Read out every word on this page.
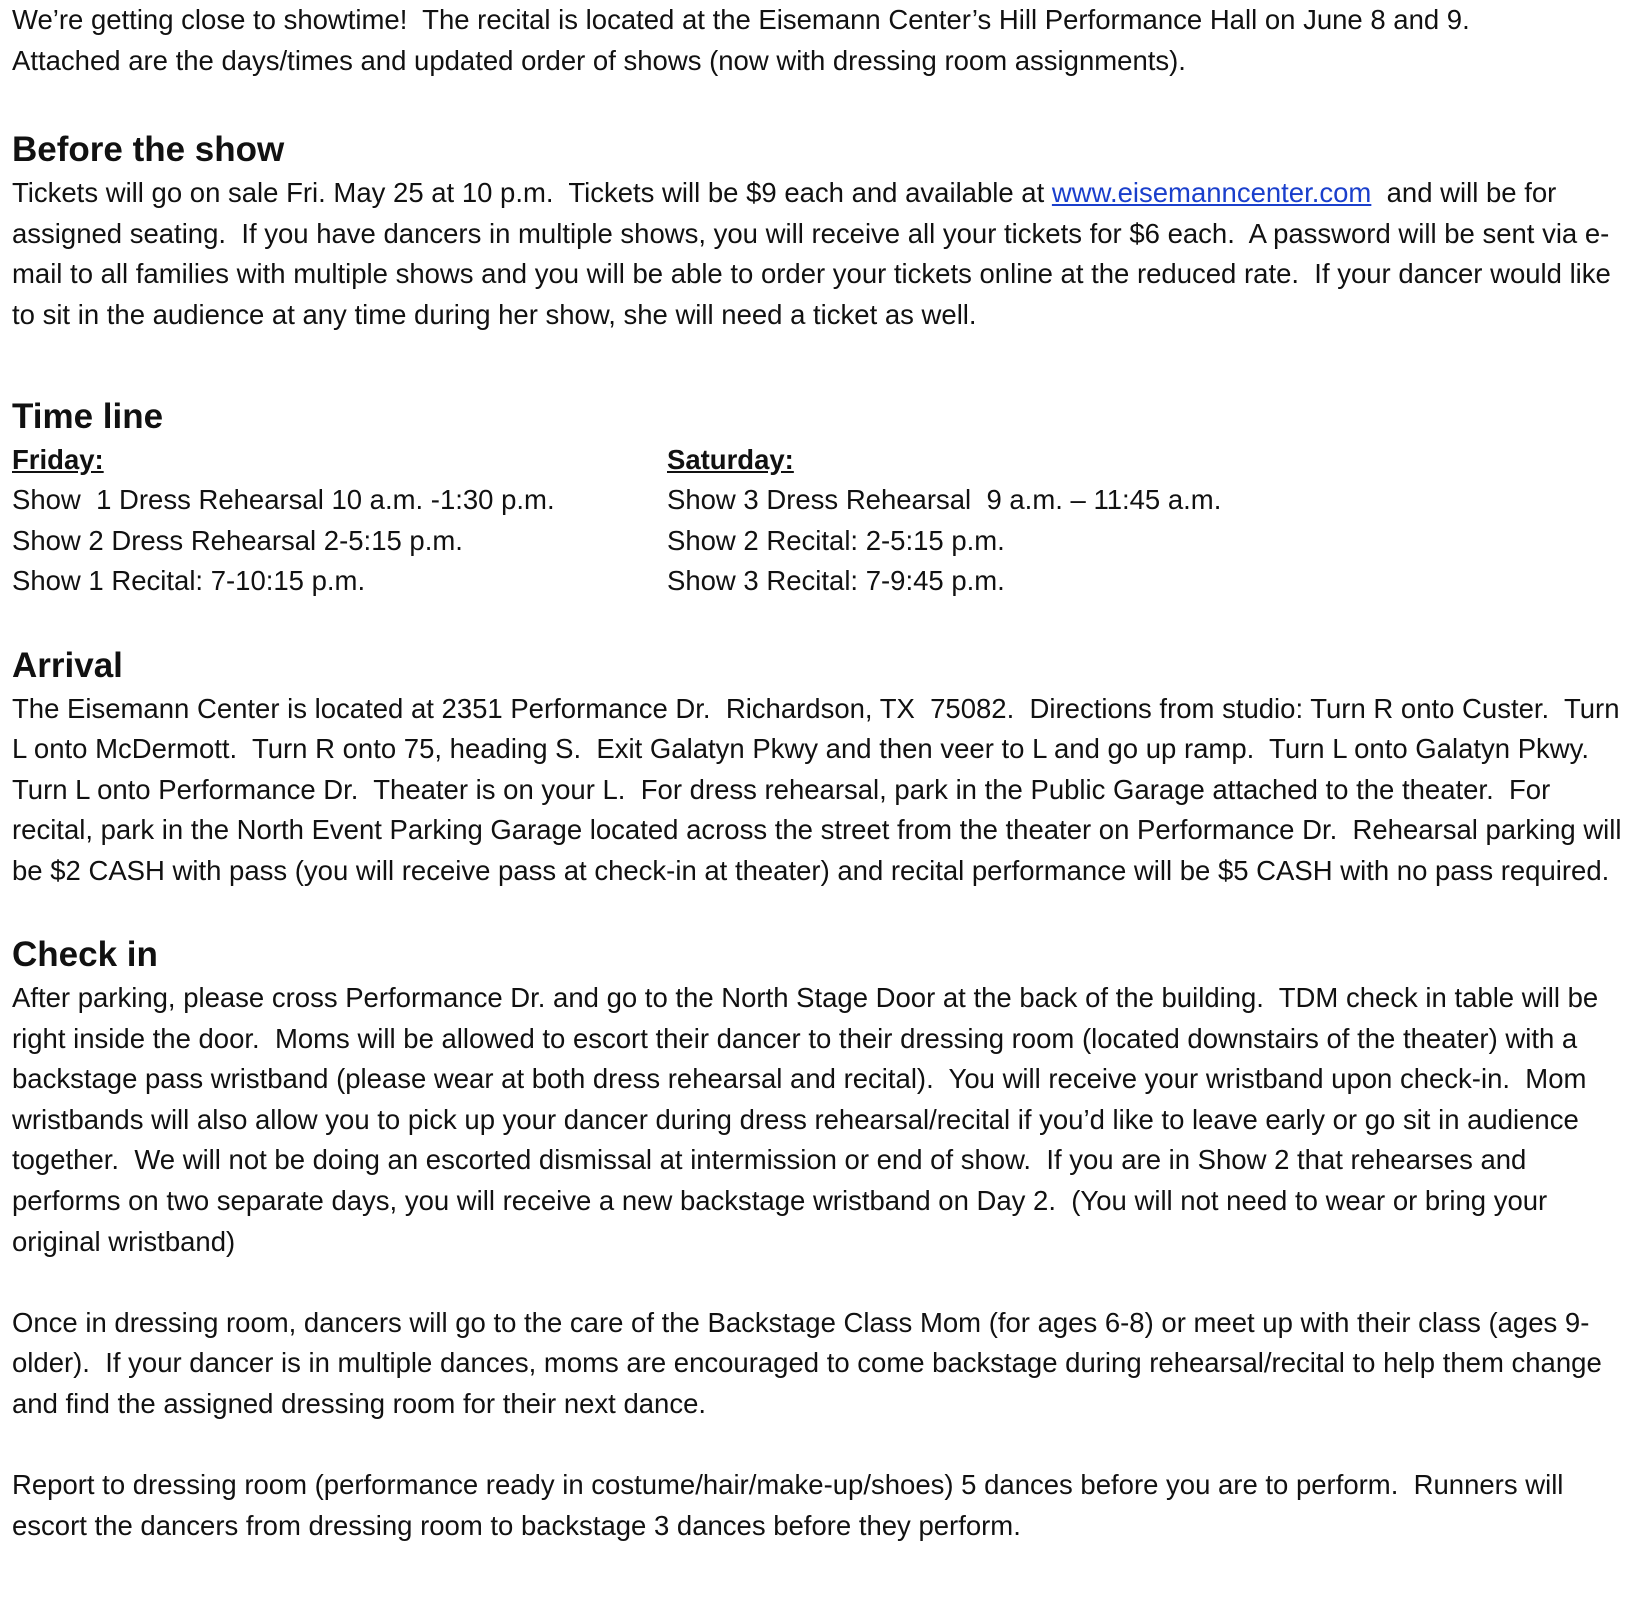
We’re getting close to showtime!  The recital is located at the Eisemann Center’s Hill Performance Hall on June 8 and 9.

Attached are the days/times and updated order of shows (now with dressing room assignments).

Before the show

Tickets will go on sale Fri. May 25 at 10 p.m.  Tickets will be $9 each and available at www.eisemanncenter.com  and will be for assigned seating.  If you have dancers in multiple shows, you will receive all your tickets for $6 each.  A password will be sent via e-mail to all families with multiple shows and you will be able to order your tickets online at the reduced rate.  If your dancer would like to sit in the audience at any time during her show, she will need a ticket as well.

Time line

Friday:

Show  1 Dress Rehearsal 10 a.m. -1:30 p.m.

Show 2 Dress Rehearsal 2-5:15 p.m.

Show 1 Recital: 7-10:15 p.m.

Saturday:

Show 3 Dress Rehearsal  9 a.m. – 11:45 a.m.

Show 2 Recital: 2-5:15 p.m.

Show 3 Recital: 7-9:45 p.m.

Arrival

The Eisemann Center is located at 2351 Performance Dr.  Richardson, TX  75082.  Directions from studio: Turn R onto Custer.  Turn L onto McDermott.  Turn R onto 75, heading S.  Exit Galatyn Pkwy and then veer to L and go up ramp.  Turn L onto Galatyn Pkwy.  Turn L onto Performance Dr.  Theater is on your L.  For dress rehearsal, park in the Public Garage attached to the theater.  For recital, park in the North Event Parking Garage located across the street from the theater on Performance Dr.  Rehearsal parking will be $2 CASH with pass (you will receive pass at check-in at theater) and recital performance will be $5 CASH with no pass required.

Check in

After parking, please cross Performance Dr. and go to the North Stage Door at the back of the building.  TDM check in table will be right inside the door.  Moms will be allowed to escort their dancer to their dressing room (located downstairs of the theater) with a backstage pass wristband (please wear at both dress rehearsal and recital).  You will receive your wristband upon check-in.  Mom wristbands will also allow you to pick up your dancer during dress rehearsal/recital if you’d like to leave early or go sit in audience together.  We will not be doing an escorted dismissal at intermission or end of show.  If you are in Show 2 that rehearses and performs on two separate days, you will receive a new backstage wristband on Day 2.  (You will not need to wear or bring your original wristband)

Once in dressing room, dancers will go to the care of the Backstage Class Mom (for ages 6-8) or meet up with their class (ages 9-older).  If your dancer is in multiple dances, moms are encouraged to come backstage during rehearsal/recital to help them change and find the assigned dressing room for their next dance.

Report to dressing room (performance ready in costume/hair/make-up/shoes) 5 dances before you are to perform.  Runners will escort the dancers from dressing room to backstage 3 dances before they perform.
